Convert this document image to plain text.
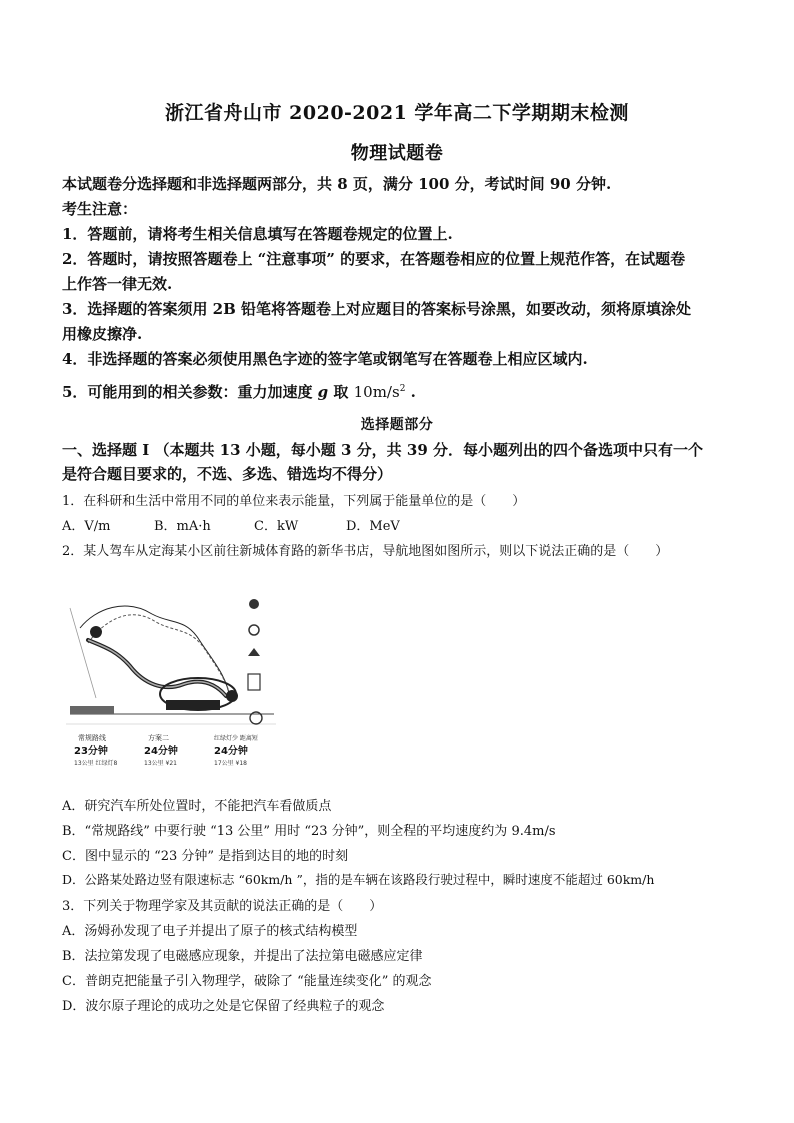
浙江省舟山市 2020-2021 学年高二下学期期末检测
物理试题卷
本试题卷分选择题和非选择题两部分，共 8 页，满分 100 分，考试时间 90 分钟.
考生注意：
1．答题前，请将考生相关信息填写在答题卷规定的位置上.
2．答题时，请按照答题卷上 “注意事项” 的要求，在答题卷相应的位置上规范作答，在试题卷
上作答一律无效.
3．选择题的答案须用 2B 铅笔将答题卷上对应题目的答案标号涂黑，如要改动，须将原填涂处
用橡皮擦净.
4．非选择题的答案必须使用黑色字迹的签字笔或钢笔写在答题卷上相应区域内.
5．可能用到的相关参数：重力加速度 g 取 $10m/s^2$ .
选择题部分
一、选择题 I （本题共 13 小题，每小题 3 分，共 39 分．每小题列出的四个备选项中只有一个
是符合题目要求的，不选、多选、错选均不得分）
1．在科研和生活中常用不同的单位来表示能量，下列属于能量单位的是（　　）
A．V/m	B．mA·h	C．kW	D．MeV
2．某人驾车从定海某小区前往新城体育路的新华书店，导航地图如图所示，则以下说法正确的是（　　）
常规路线
23分钟
13公里 红绿灯8
方案二
24分钟
13公里 ¥21
红绿灯少 距离短
24分钟
17公里 ¥18
A．研究汽车所处位置时，不能把汽车看做质点
B．“常规路线” 中要行驶 “13 公里” 用时 “23 分钟”，则全程的平均速度约为 9.4m/s
C．图中显示的 “23 分钟” 是指到达目的地的时刻
D．公路某处路边竖有限速标志 “60km/h ”，指的是车辆在该路段行驶过程中，瞬时速度不能超过 60km/h
3．下列关于物理学家及其贡献的说法正确的是（　　）
A．汤姆孙发现了电子并提出了原子的核式结构模型
B．法拉第发现了电磁感应现象，并提出了法拉第电磁感应定律
C．普朗克把能量子引入物理学，破除了 “能量连续变化” 的观念
D．波尔原子理论的成功之处是它保留了经典粒子的观念
